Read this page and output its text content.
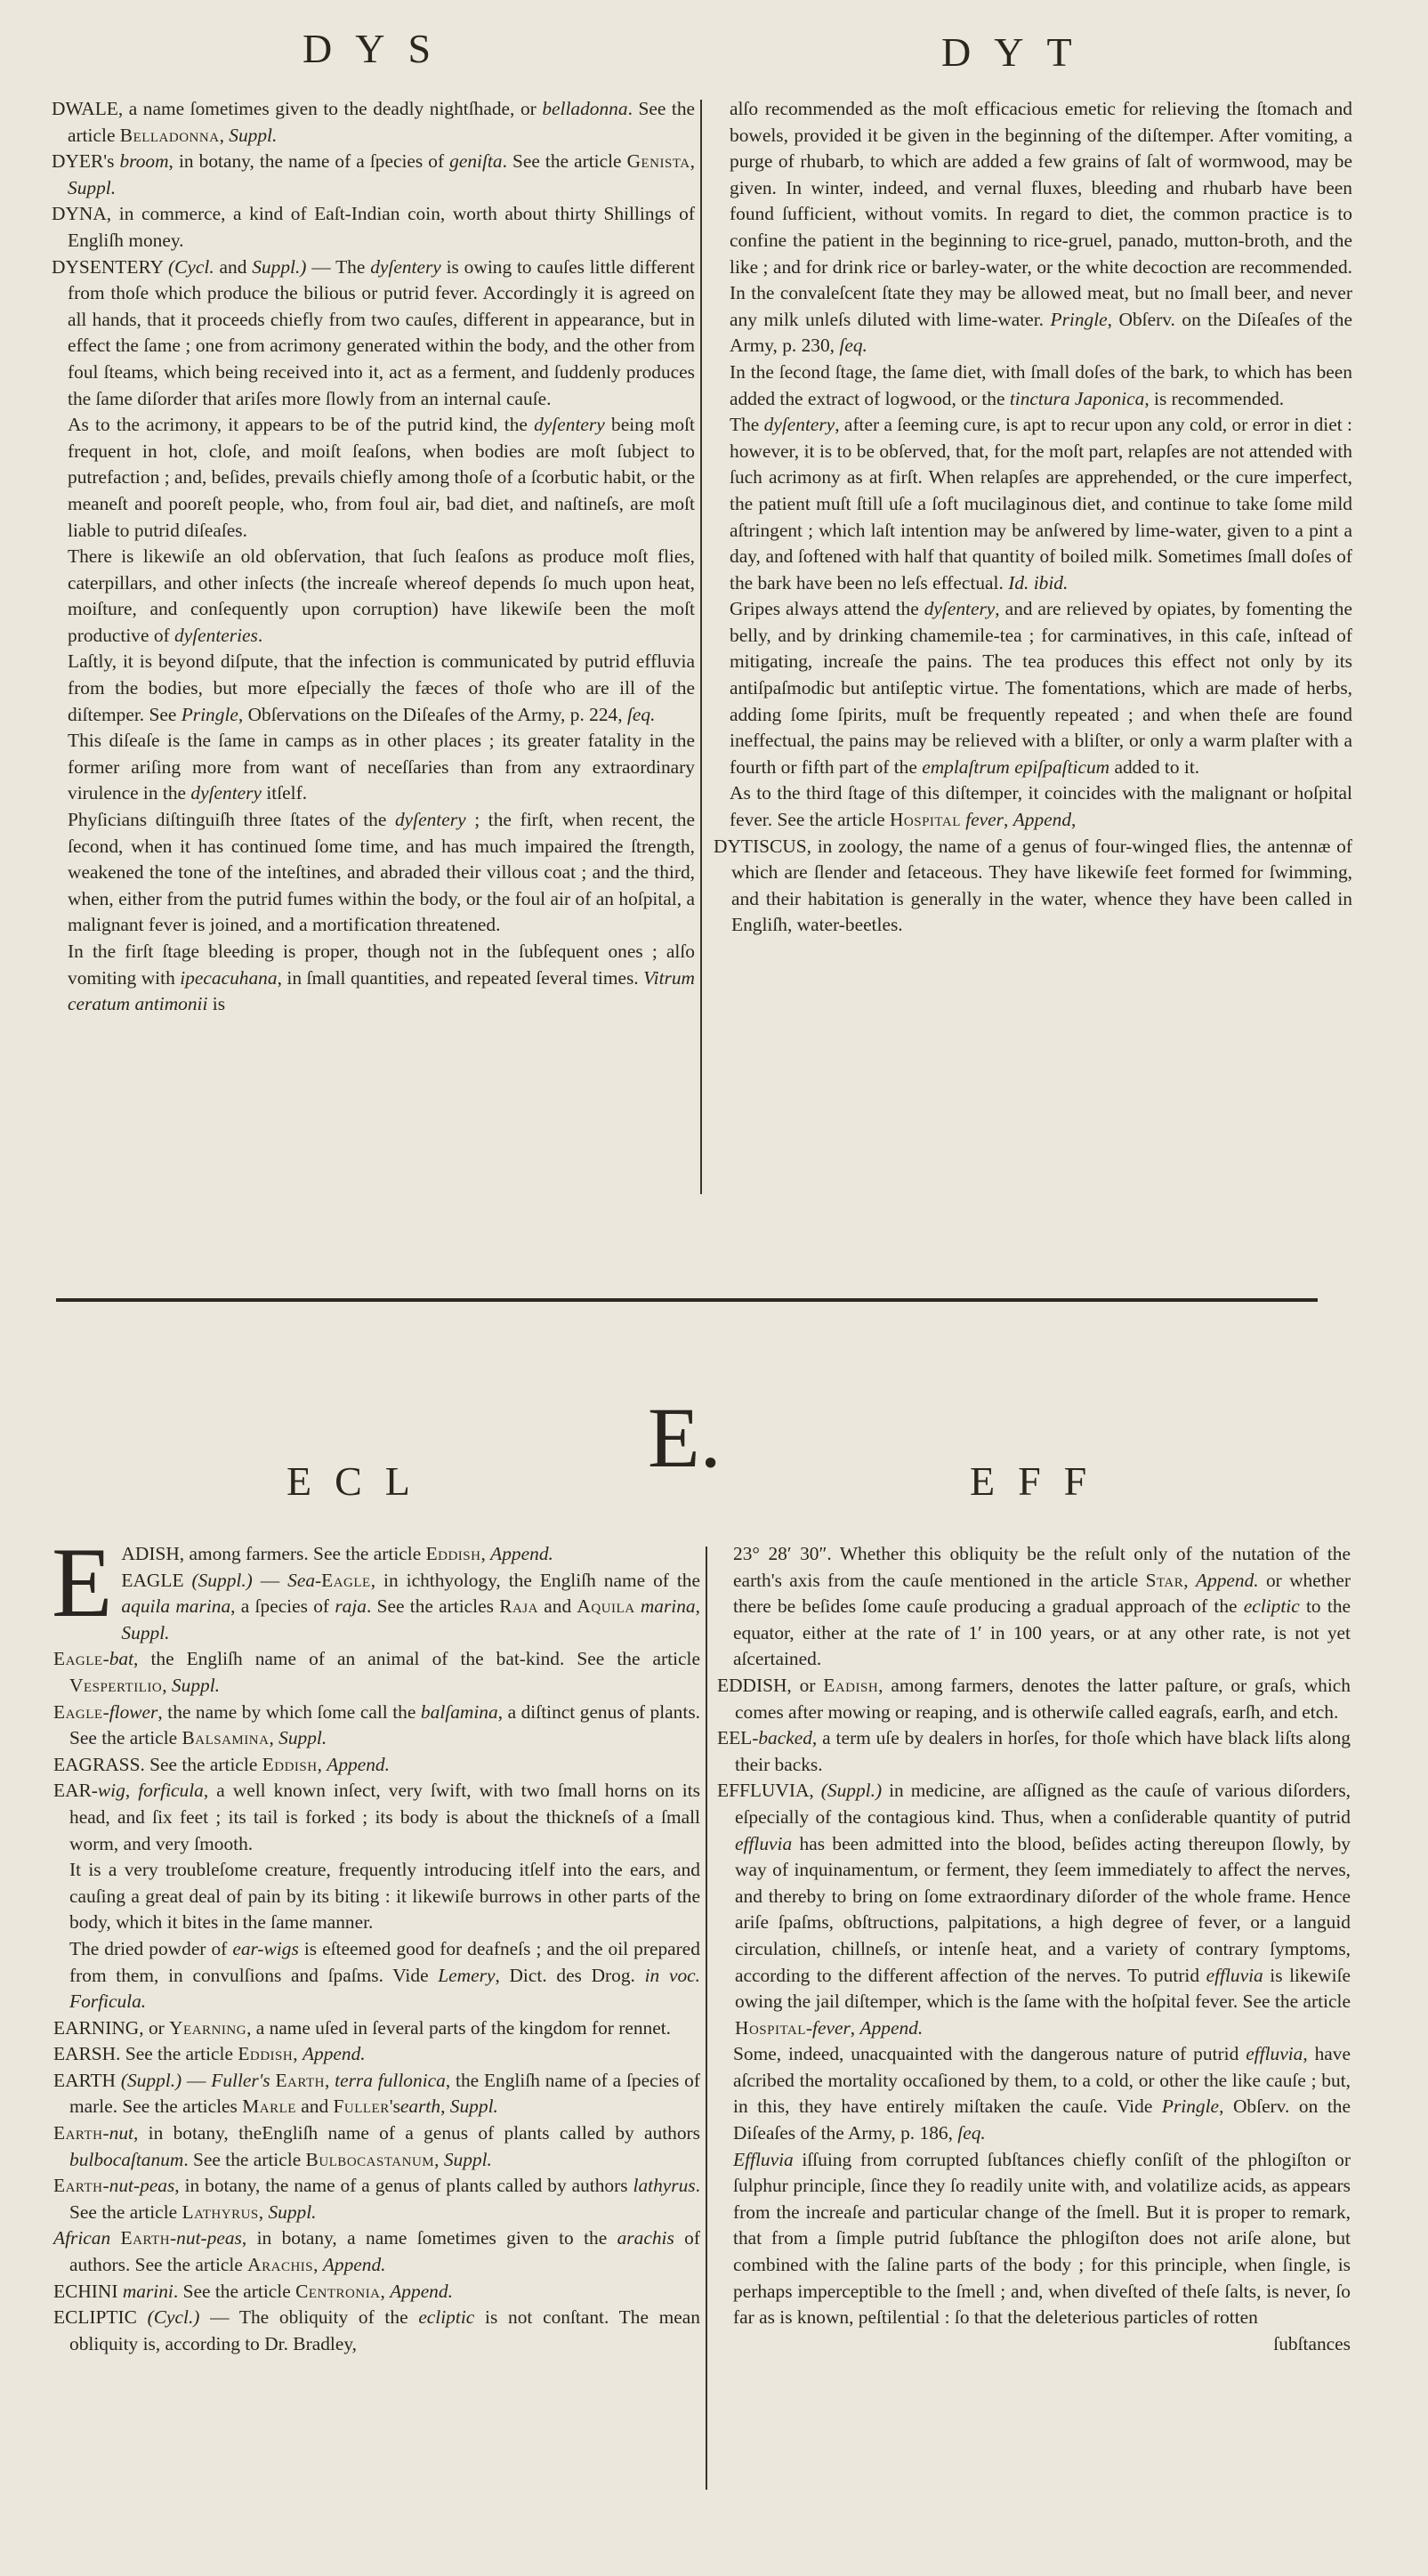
DYS	DYT

DWALE, a name ſometimes given to the deadly nightſhade, or belladonna. See the article Belladonna, Suppl.

DYER's broom, in botany, the name of a ſpecies of geniſta. See the article Genista, Suppl.

DYNA, in commerce, a kind of Eaſt-Indian coin, worth about thirty Shillings of Engliſh money.

DYSENTERY (Cycl. and Suppl.) — The dyſentery is owing to cauſes little different from thoſe which produce the bilious or putrid fever. Accordingly it is agreed on all hands, that it proceeds chiefly from two cauſes, different in appearance, but in effect the ſame ; one from acrimony generated within the body, and the other from foul ſteams, which being received into it, act as a ferment, and ſuddenly produces the ſame diſorder that ariſes more ſlowly from an internal cauſe.

As to the acrimony, it appears to be of the putrid kind, the dyſentery being moſt frequent in hot, cloſe, and moiſt ſeaſons, when bodies are moſt ſubject to putrefaction ; and, beſides, prevails chiefly among thoſe of a ſcorbutic habit, or the meaneſt and pooreſt people, who, from foul air, bad diet, and naſtineſs, are moſt liable to putrid diſeaſes.

There is likewiſe an old obſervation, that ſuch ſeaſons as produce moſt flies, caterpillars, and other inſects (the increaſe whereof depends ſo much upon heat, moiſture, and conſequently upon corruption) have likewiſe been the moſt productive of dyſenteries.

Laſtly, it is beyond diſpute, that the infection is communicated by putrid effluvia from the bodies, but more eſpecially the fæces of thoſe who are ill of the diſtemper. See Pringle, Obſervations on the Diſeaſes of the Army, p. 224, ſeq.

This diſeaſe is the ſame in camps as in other places ; its greater fatality in the former ariſing more from want of neceſſaries than from any extraordinary virulence in the dyſentery itſelf.

Phyſicians diſtinguiſh three ſtates of the dyſentery ; the firſt, when recent, the ſecond, when it has continued ſome time, and has much impaired the ſtrength, weakened the tone of the inteſtines, and abraded their villous coat ; and the third, when, either from the putrid fumes within the body, or the foul air of an hoſpital, a malignant fever is joined, and a mortification threatened.

In the firſt ſtage bleeding is proper, though not in the ſubſequent ones ; alſo vomiting with ipecacuhana, in ſmall quantities, and repeated ſeveral times. Vitrum ceratum antimonii is

alſo recommended as the moſt efficacious emetic for relieving the ſtomach and bowels, provided it be given in the beginning of the diſtemper. After vomiting, a purge of rhubarb, to which are added a few grains of ſalt of wormwood, may be given. In winter, indeed, and vernal fluxes, bleeding and rhubarb have been found ſufficient, without vomits. In regard to diet, the common practice is to confine the patient in the beginning to rice-gruel, panado, mutton-broth, and the like ; and for drink rice or barley-water, or the white decoction are recommended. In the convaleſcent ſtate they may be allowed meat, but no ſmall beer, and never any milk unleſs diluted with lime-water. Pringle, Obſerv. on the Diſeaſes of the Army, p. 230, ſeq.

In the ſecond ſtage, the ſame diet, with ſmall doſes of the bark, to which has been added the extract of logwood, or the tinctura Japonica, is recommended.

The dyſentery, after a ſeeming cure, is apt to recur upon any cold, or error in diet : however, it is to be obſerved, that, for the moſt part, relapſes are not attended with ſuch acrimony as at firſt. When relapſes are apprehended, or the cure imperfect, the patient muſt ſtill uſe a ſoft mucilaginous diet, and continue to take ſome mild aſtringent ; which laſt intention may be anſwered by lime-water, given to a pint a day, and ſoftened with half that quantity of boiled milk. Sometimes ſmall doſes of the bark have been no leſs effectual. Id. ibid.

Gripes always attend the dyſentery, and are relieved by opiates, by fomenting the belly, and by drinking chamemile-tea ; for carminatives, in this caſe, inſtead of mitigating, increaſe the pains. The tea produces this effect not only by its antiſpaſmodic but antiſeptic virtue. The fomentations, which are made of herbs, adding ſome ſpirits, muſt be frequently repeated ; and when theſe are found ineffectual, the pains may be relieved with a bliſter, or only a warm plaſter with a fourth or fifth part of the emplaſtrum epiſpaſticum added to it.

As to the third ſtage of this diſtemper, it coincides with the malignant or hoſpital fever. See the article Hospital fever, Append,

DYTISCUS, in zoology, the name of a genus of four-winged flies, the antennæ of which are ſlender and ſetaceous. They have likewiſe feet formed for ſwimming, and their habitation is generally in the water, whence they have been called in Engliſh, water-beetles.

E.
ECL	EFF

E ADISH, among farmers. See the article Eddish, Append.
EAGLE (Suppl.) — Sea-Eagle, in ichthyology, the Engliſh name of the aquila marina, a ſpecies of raja. See the articles Raja and Aquila marina, Suppl.

Eagle-bat, the Engliſh name of an animal of the bat-kind. See the article Vespertilio, Suppl.

Eagle-flower, the name by which ſome call the balſamina, a diſtinct genus of plants. See the article Balsamina, Suppl.

EAGRASS. See the article Eddish, Append.

EAR-wig, forficula, a well known inſect, very ſwift, with two ſmall horns on its head, and ſix feet ; its tail is forked ; its body is about the thickneſs of a ſmall worm, and very ſmooth.

It is a very troubleſome creature, frequently introducing itſelf into the ears, and cauſing a great deal of pain by its biting : it likewiſe burrows in other parts of the body, which it bites in the ſame manner.

The dried powder of ear-wigs is eſteemed good for deafneſs ; and the oil prepared from them, in convulſions and ſpaſms. Vide Lemery, Dict. des Drog. in voc. Forficula.

EARNING, or Yearning, a name uſed in ſeveral parts of the kingdom for rennet.

EARSH. See the article Eddish, Append.

EARTH (Suppl.) — Fuller's Earth, terra fullonica, the Engliſh name of a ſpecies of marle. See the articles Marle and Fuller'searth, Suppl.

Earth-nut, in botany, theEngliſh name of a genus of plants called by authors bulbocaſtanum. See the article Bulbocastanum, Suppl.

Earth-nut-peas, in botany, the name of a genus of plants called by authors lathyrus. See the article Lathyrus, Suppl.

African Earth-nut-peas, in botany, a name ſometimes given to the arachis of authors. See the article Arachis, Append.

ECHINI marini. See the article Centronia, Append.

ECLIPTIC (Cycl.) — The obliquity of the ecliptic is not conſtant. The mean obliquity is, according to Dr. Bradley,

23° 28′ 30″. Whether this obliquity be the reſult only of the nutation of the earth's axis from the cauſe mentioned in the article Star, Append. or whether there be beſides ſome cauſe producing a gradual approach of the ecliptic to the equator, either at the rate of 1′ in 100 years, or at any other rate, is not yet aſcertained.

EDDISH, or Eadish, among farmers, denotes the latter paſture, or graſs, which comes after mowing or reaping, and is otherwiſe called eagraſs, earſh, and etch.

EEL-backed, a term uſe by dealers in horſes, for thoſe which have black liſts along their backs.

EFFLUVIA, (Suppl.) in medicine, are aſſigned as the cauſe of various diſorders, eſpecially of the contagious kind. Thus, when a conſiderable quantity of putrid effluvia has been admitted into the blood, beſides acting thereupon ſlowly, by way of inquinamentum, or ferment, they ſeem immediately to affect the nerves, and thereby to bring on ſome extraordinary diſorder of the whole frame. Hence ariſe ſpaſms, obſtructions, palpitations, a high degree of fever, or a languid circulation, chillneſs, or intenſe heat, and a variety of contrary ſymptoms, according to the different affection of the nerves. To putrid effluvia is likewiſe owing the jail diſtemper, which is the ſame with the hoſpital fever. See the article Hospital-fever, Append.

Some, indeed, unacquainted with the dangerous nature of putrid effluvia, have aſcribed the mortality occaſioned by them, to a cold, or other the like cauſe ; but, in this, they have entirely miſtaken the cauſe. Vide Pringle, Obſerv. on the Diſeaſes of the Army, p. 186, ſeq.

Effluvia iſſuing from corrupted ſubſtances chiefly conſiſt of the phlogiſton or ſulphur principle, ſince they ſo readily unite with, and volatilize acids, as appears from the increaſe and particular change of the ſmell. But it is proper to remark, that from a ſimple putrid ſubſtance the phlogiſton does not ariſe alone, but combined with the ſaline parts of the body ; for this principle, when ſingle, is perhaps imperceptible to the ſmell ; and, when diveſted of theſe ſalts, is never, ſo far as is known, peſtilential : ſo that the deleterious particles of rotten

ſubſtances
